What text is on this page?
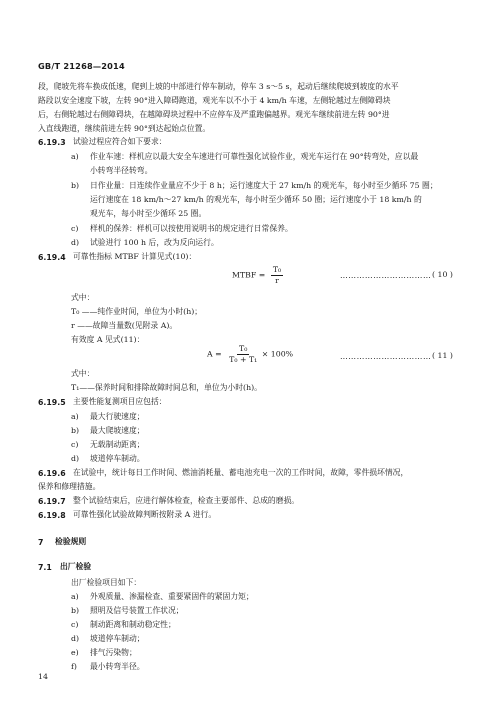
GB/T 21268—2014
段，爬坡先将车换成低速，爬到上坡的中部进行停车制动，停车 3 s～5 s，起动后继续爬坡到坡度的水平
路段以安全速度下坡，左转 90°进入障碍跑道，观光车以不小于 4 km/h 车速，左侧轮越过左侧障碍块
后，右侧轮越过右侧障碍块，在越障碍块过程中不应停车及严重跑偏越界。观光车继续前进左转 90°进
入直线跑道，继续前进左转 90°到达起始点位置。
6.19.3 试验过程应符合如下要求：
a) 作业车速：样机应以最大安全车速进行可靠性强化试验作业，观光车运行在 90°转弯处，应以最
小转弯半径转弯。
b) 日作业量：日连续作业量应不少于 8 h；运行速度大于 27 km/h 的观光车，每小时至少循环 75 圈；
运行速度在 18 km/h～27 km/h 的观光车，每小时至少循环 50 圈；运行速度小于 18 km/h 的
观光车，每小时至少循环 25 圈。
c) 样机的保养：样机可以按使用说明书的规定进行日常保养。
d) 试验进行 100 h 后，改为反向运行。
6.19.4 可靠性指标 MTBF 计算见式(10)：
MTBF = $\frac{\text{T₀}}{r}$	…………………………… ( 10 )
式中：
T₀ ——纯作业时间，单位为小时(h)；
r ——故障当量数(见附录 A)。
有效度 A 见式(11)：
$A = \frac{\text{T₀}}{\text{T₀ + T₁}} \times 100\%$	…………………………… ( 11 )
式中：
T₁——保养时间和排除故障时间总和，单位为小时(h)。
6.19.5 主要性能复测项目应包括：
a) 最大行驶速度；
b) 最大爬坡速度；
c) 无载制动距离；
d) 坡道停车制动。
6.19.6 在试验中，统计每日工作时间、燃油消耗量、蓄电池充电一次的工作时间，故障，零件损坏情况，
保养和修理措施。
6.19.7 整个试验结束后，应进行解体检查，检查主要部件、总成的磨损。
6.19.8 可靠性强化试验故障判断按附录 A 进行。
7 检验规则
7.1 出厂检验
出厂检验项目如下：
a) 外观质量、渗漏检查、重要紧固件的紧固力矩；
b) 照明及信号装置工作状况；
c) 制动距离和制动稳定性；
d) 坡道停车制动；
e) 排气污染物；
f) 最小转弯半径。
14
